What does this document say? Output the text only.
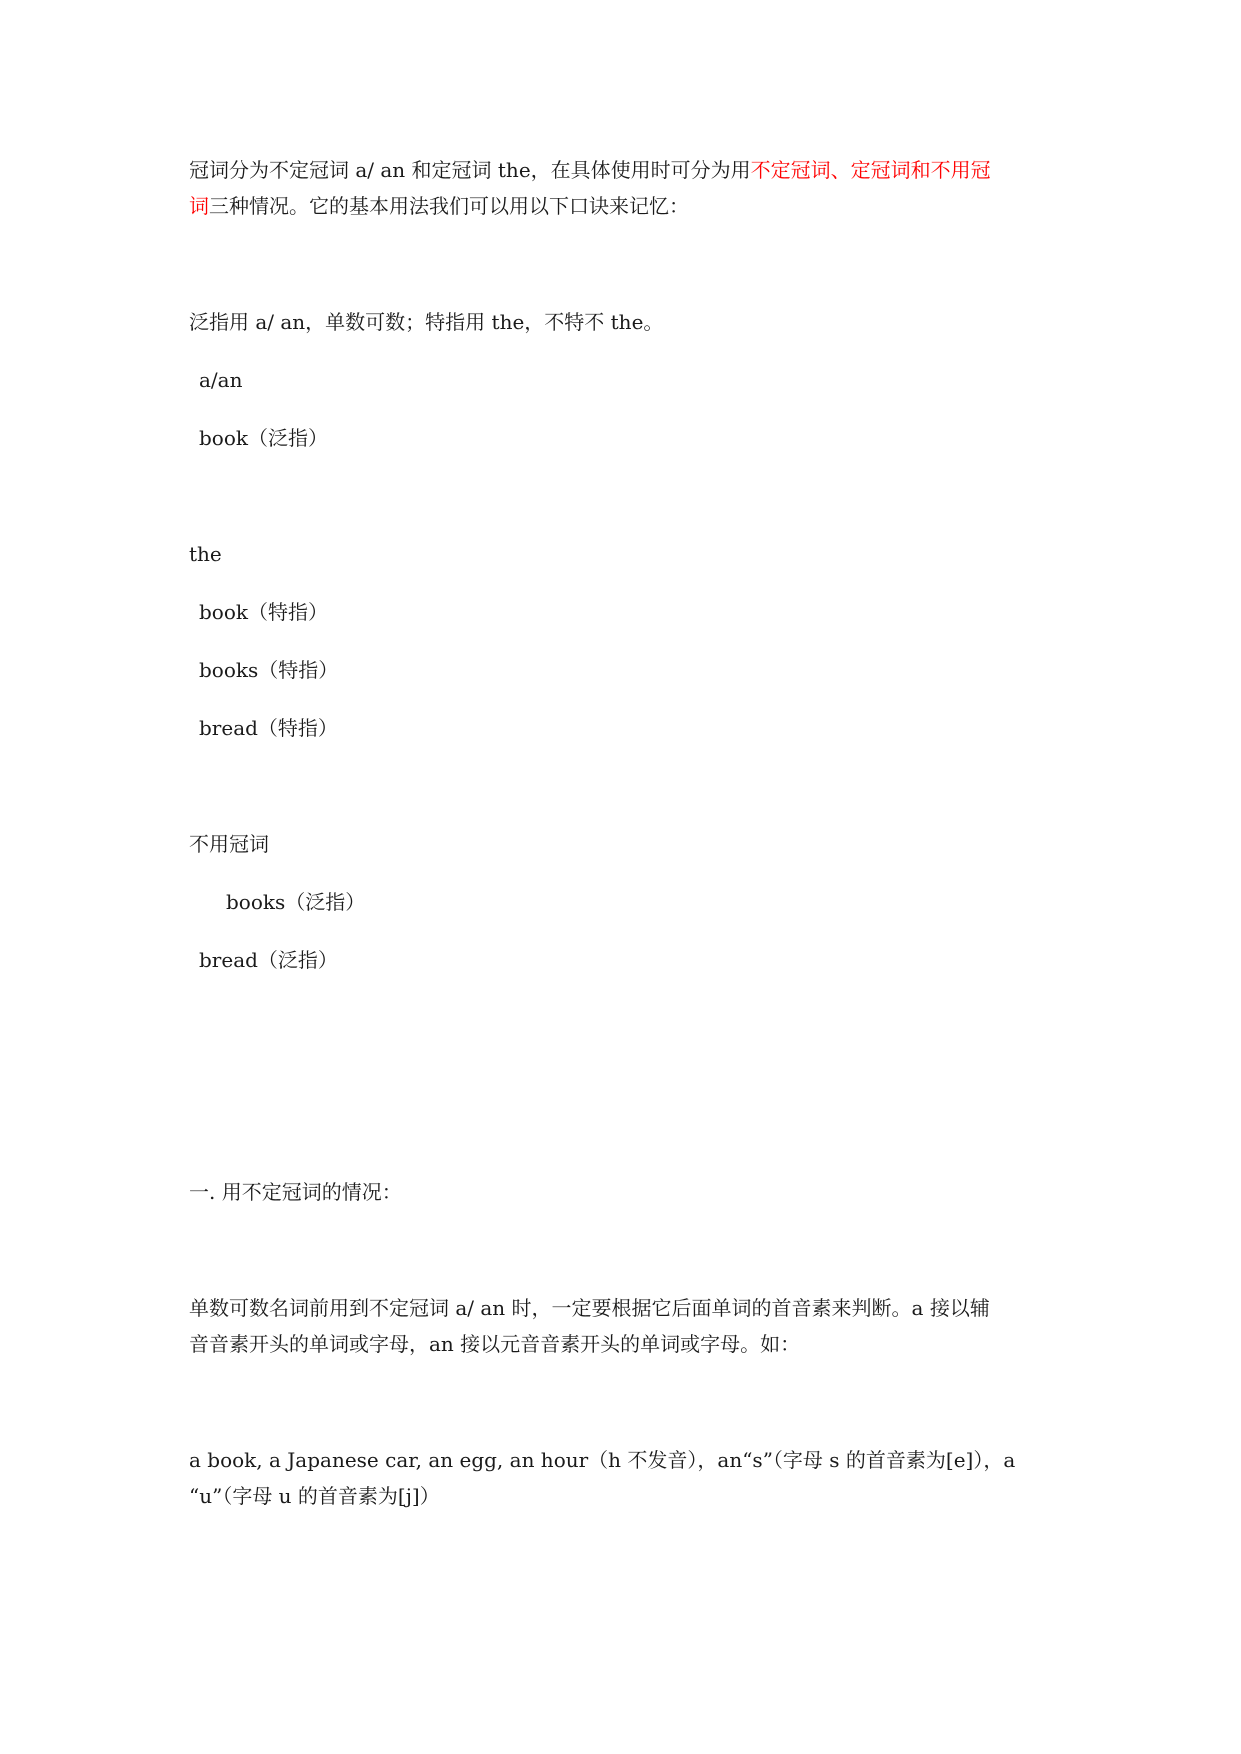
冠词分为不定冠词 a/ an 和定冠词 the，在具体使用时可分为用不定冠词、定冠词和不用冠
词三种情况。它的基本用法我们可以用以下口诀来记忆：
泛指用 a/ an，单数可数；特指用 the，不特不 the。
a/an
book（泛指）
the
book（特指）
books（特指）
bread（特指）
不用冠词
books（泛指）
bread（泛指）
一. 用不定冠词的情况：
单数可数名词前用到不定冠词 a/ an 时，一定要根据它后面单词的首音素来判断。a 接以辅
音音素开头的单词或字母，an 接以元音音素开头的单词或字母。如：
a book, a Japanese car, an egg, an hour（h 不发音），an“s”（字母 s 的首音素为[e]），a
“u”（字母 u 的首音素为[j]）
